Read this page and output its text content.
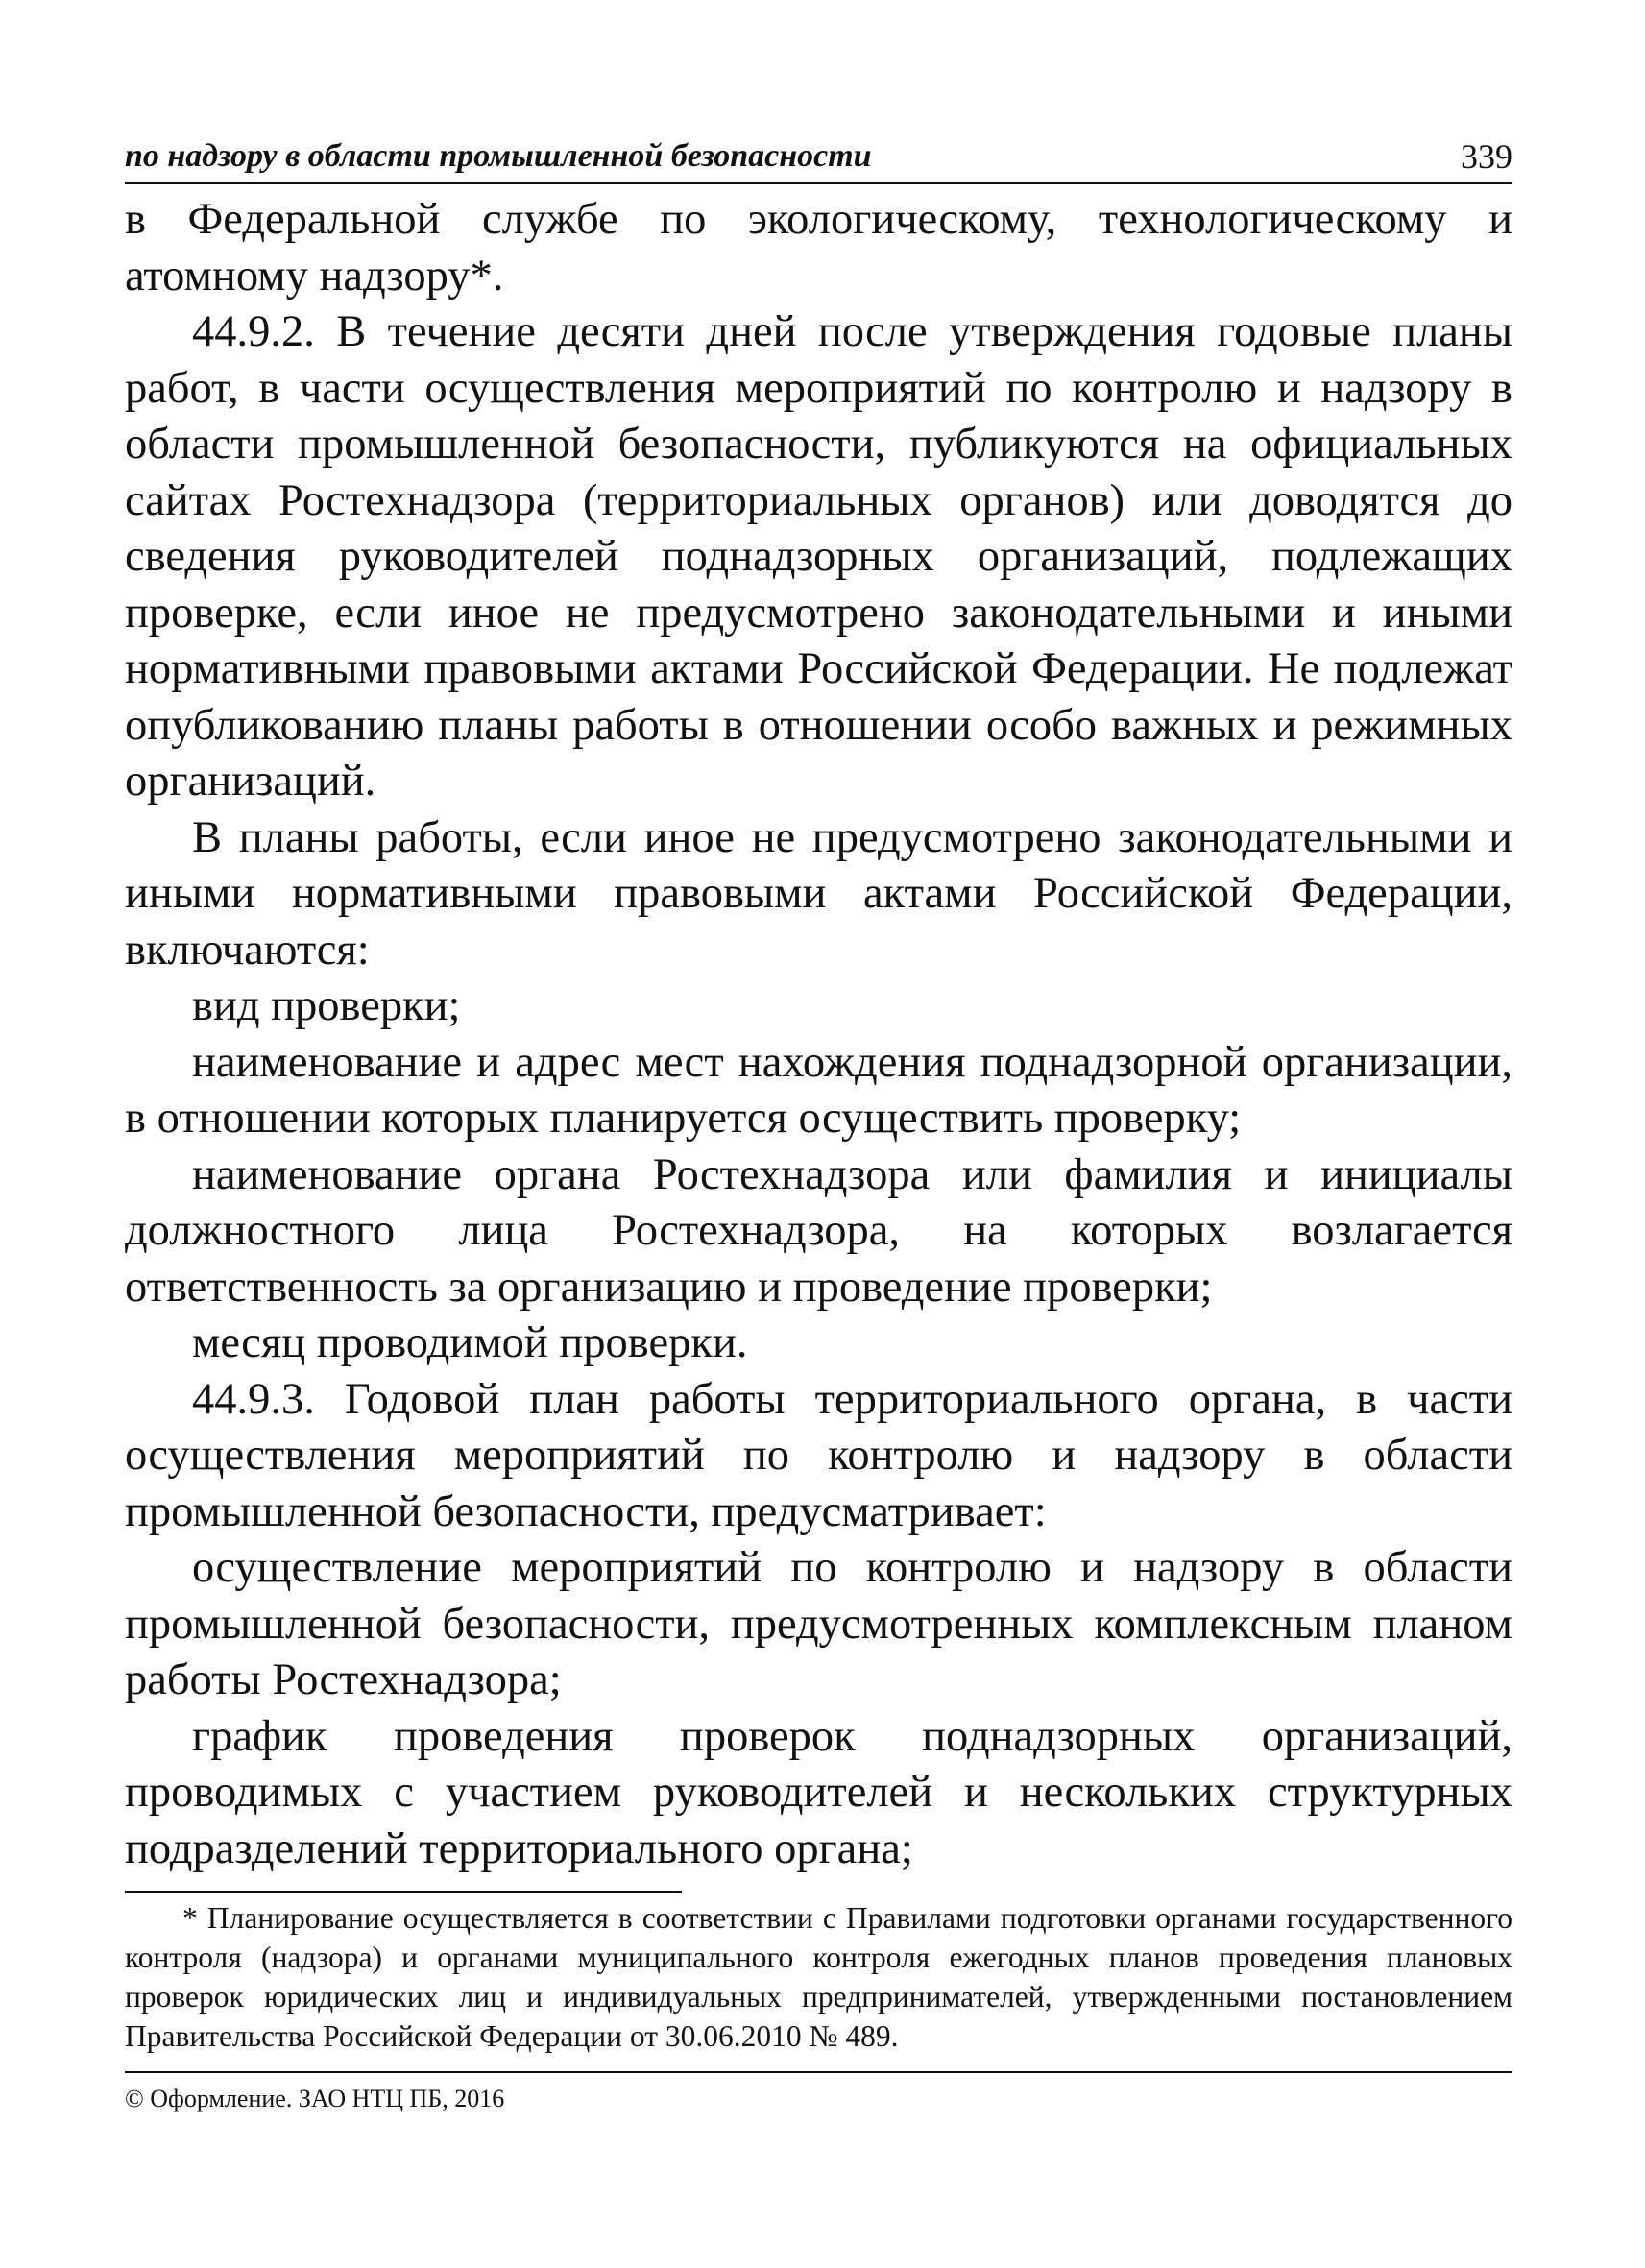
по надзору в области промышленной безопасности	339

в Федеральной службе по экологическому, технологическому и атомному надзору*.

44.9.2. В течение десяти дней после утверждения годовые планы работ, в части осуществления мероприятий по контролю и надзору в области промышленной безопасности, публикуются на официальных сайтах Ростехнадзора (территориальных органов) или доводятся до сведения руководителей поднадзорных организаций, подлежащих проверке, если иное не предусмотрено законодательными и иными нормативными правовыми актами Российской Федерации. Не подлежат опубликованию планы работы в отношении особо важных и режимных организаций.

В планы работы, если иное не предусмотрено законодательными и иными нормативными правовыми актами Российской Федерации, включаются:

вид проверки;

наименование и адрес мест нахождения поднадзорной организации, в отношении которых планируется осуществить проверку;

наименование органа Ростехнадзора или фамилия и инициалы должностного лица Ростехнадзора, на которых возлагается ответственность за организацию и проведение проверки;

месяц проводимой проверки.

44.9.3. Годовой план работы территориального органа, в части осуществления мероприятий по контролю и надзору в области промышленной безопасности, предусматривает:

осуществление мероприятий по контролю и надзору в области промышленной безопасности, предусмотренных комплексным планом работы Ростехнадзора;

график проведения проверок поднадзорных организаций, проводимых с участием руководителей и нескольких структурных подразделений территориального органа;

* Планирование осуществляется в соответствии с Правилами подготовки органами государственного контроля (надзора) и органами муниципального контроля ежегодных планов проведения плановых проверок юридических лиц и индивидуальных предпринимателей, утвержденными постановлением Правительства Российской Федерации от 30.06.2010 № 489.

© Оформление. ЗАО НТЦ ПБ, 2016
